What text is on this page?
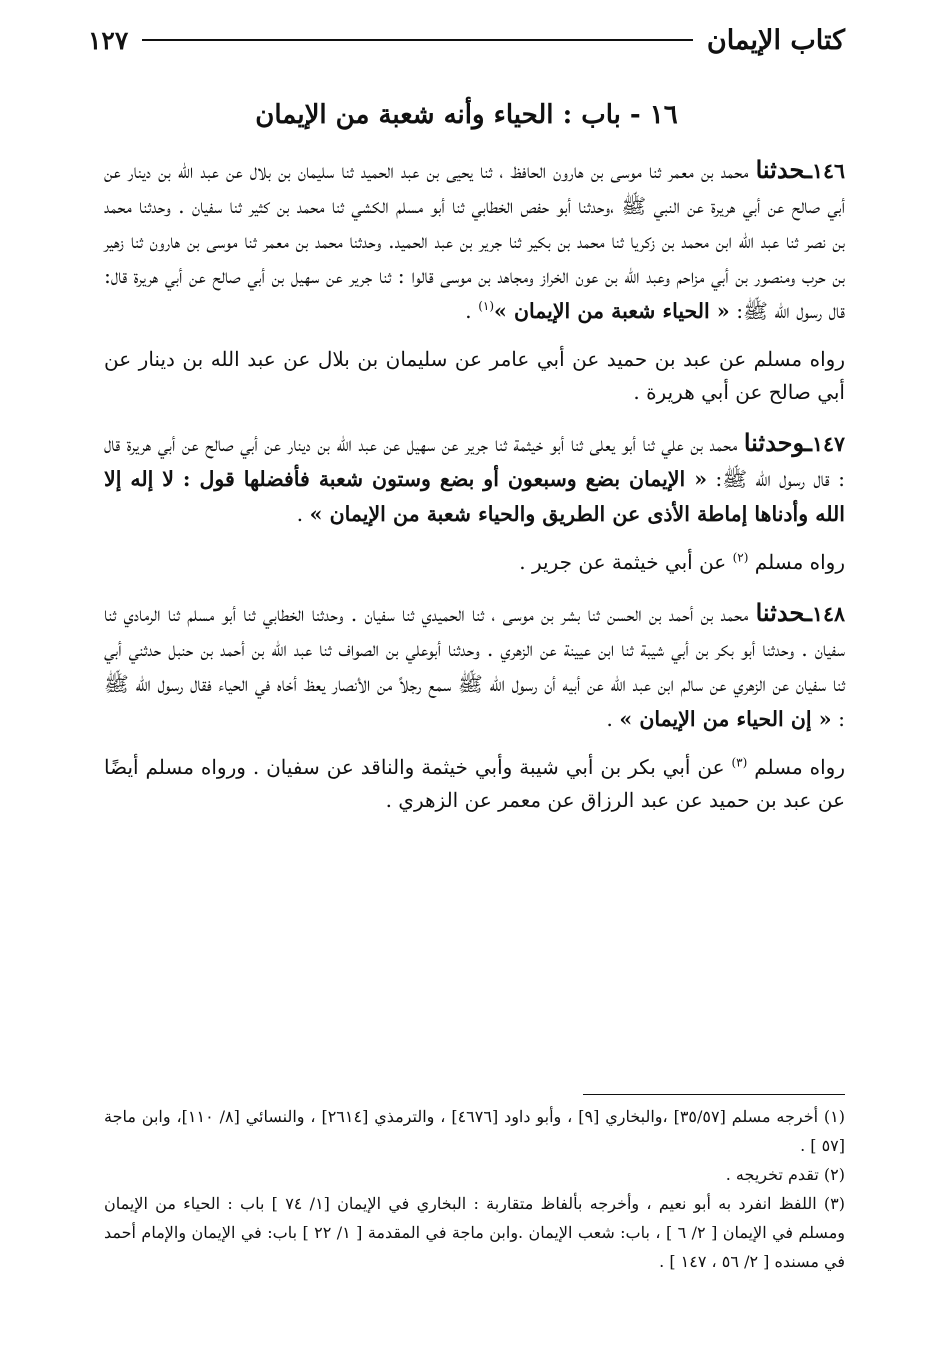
كتاب الإيمان
١٢٧
١٦ - باب : الحياء وأنه شعبة من الإيمان

١٤٦ـحدثنا محمد بن معمر ثنا موسى بن هارون الحافظ ، ثنا يحيى بن عبد الحميد ثنا سليمان بن بلال عن عبد الله بن دينار عن أبي صالح عن أبي هريرة عن النبي ﷺ ،وحدثنا أبو حفص الخطابي ثنا أبو مسلم الكشي ثنا محمد بن كثير ثنا سفيان . وحدثنا محمد بن نصر ثنا عبد الله ابن محمد بن زكريا ثنا محمد بن بكير ثنا جرير بن عبد الحميد. وحدثنا محمد بن معمر ثنا موسى بن هارون ثنا زهير بن حرب ومنصور بن أبي مزاحم وعبد الله بن عون الخراز ومجاهد بن موسى قالوا : ثنا جرير عن سهيل بن أبي صالح عن أبي هريرة قال: قال رسول الله ﷺ: « الحياء شعبة من الإيمان »$^{(١)}$ .

رواه مسلم عن عبد بن حميد عن أبي عامر عن سليمان بن بلال عن عبد الله بن دينار عن أبي صالح عن أبي هريرة .

١٤٧ـوحدثنا محمد بن علي ثنا أبو يعلى ثنا أبو خيثمة ثنا جرير عن سهيل عن عبد الله بن دينار عن أبي صالح عن أبي هريرة قال : قال رسول الله ﷺ: « الإيمان بضع وسبعون أو بضع وستون شعبة فأفضلها قول : لا إله إلا الله وأدناها إماطة الأذى عن الطريق والحياء شعبة من الإيمان » .

رواه مسلم $^{(٢)}$ عن أبي خيثمة عن جرير .

١٤٨ـحدثنا محمد بن أحمد بن الحسن ثنا بشر بن موسى ، ثنا الحميدي ثنا سفيان . وحدثنا الخطابي ثنا أبو مسلم ثنا الرمادي ثنا سفيان . وحدثنا أبو بكر بن أبي شيبة ثنا ابن عيينة عن الزهري . وحدثنا أبوعلي بن الصواف ثنا عبد الله بن أحمد بن حنبل حدثني أبي ثنا سفيان عن الزهري عن سالم ابن عبد الله عن أبيه أن رسول الله ﷺ سمع رجلاً من الأنصار يعظ أخاه في الحياء فقال رسول الله ﷺ : « إن الحياء من الإيمان » .

رواه مسلم $^{(٣)}$ عن أبي بكر بن أبي شيبة وأبي خيثمة والناقد عن سفيان . ورواه مسلم أيضًا عن عبد بن حميد عن عبد الرزاق عن معمر عن الزهري .

(١) أخرجه مسلم [٣٥/٥٧] ،والبخاري [٩] ، وأبو داود [٤٦٧٦] ، والترمذي [٢٦١٤] ، والنسائي [٨/ ١١٠]، وابن ماجة [٥٧ ] .

(٢) تقدم تخريجه .

(٣) اللفظ انفرد به أبو نعيم ، وأخرجه بألفاظ متقاربة : البخاري في الإيمان [١/ ٧٤ ] باب : الحياء من الإيمان ومسلم في الإيمان [ ٢/ ٦ ] ، باب: شعب الإيمان .وابن ماجة في المقدمة [ ١/ ٢٢ ] باب: في الإيمان والإمام أحمد في مسنده [ ٢/ ٥٦ ، ١٤٧ ] .
